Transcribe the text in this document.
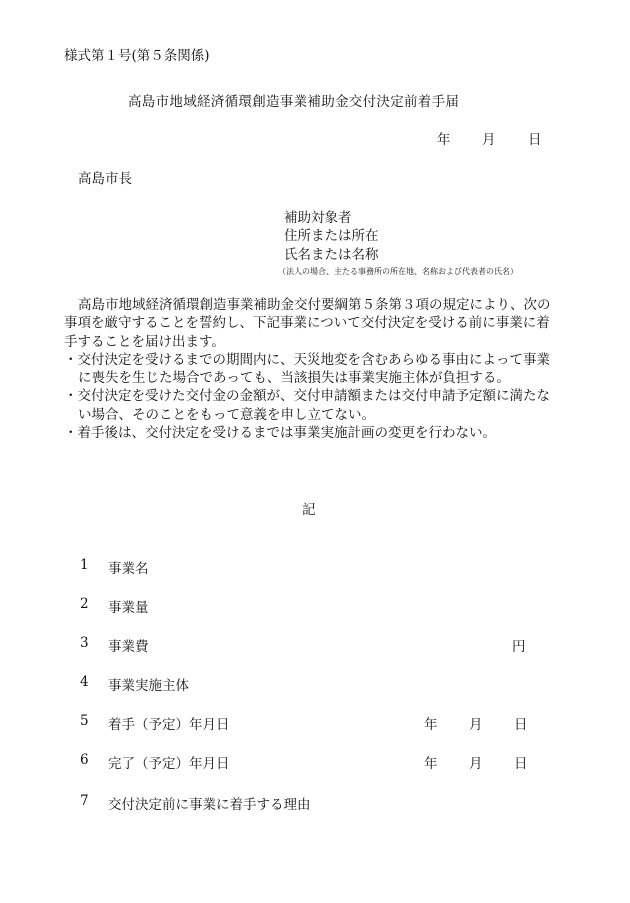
様式第１号(第５条関係)
高島市地域経済循環創造事業補助金交付決定前着手届
年 月 日
高島市長
補助対象者
住所または所在
氏名または名称
（法人の場合、主たる事務所の所在地、名称および代表者の氏名）

高島市地域経済循環創造事業補助金交付要綱第５条第３項の規定により、次の事項を厳守することを誓約し、下記事業について交付決定を受ける前に事業に着手することを届け出ます。

・交付決定を受けるまでの期間内に、天災地変を含むあらゆる事由によって事業に喪失を生じた場合であっても、当該損失は事業実施主体が負担する。

・交付決定を受けた交付金の金額が、交付申請額または交付申請予定額に満たない場合、そのことをもって意義を申し立てない。

・着手後は、交付決定を受けるまでは事業実施計画の変更を行わない。

記
1 事業名
2 事業量
3 事業費	円
4 事業実施主体
5 着手（予定）年月日	年 月 日
6 完了（予定）年月日	年 月 日
7 交付決定前に事業に着手する理由
